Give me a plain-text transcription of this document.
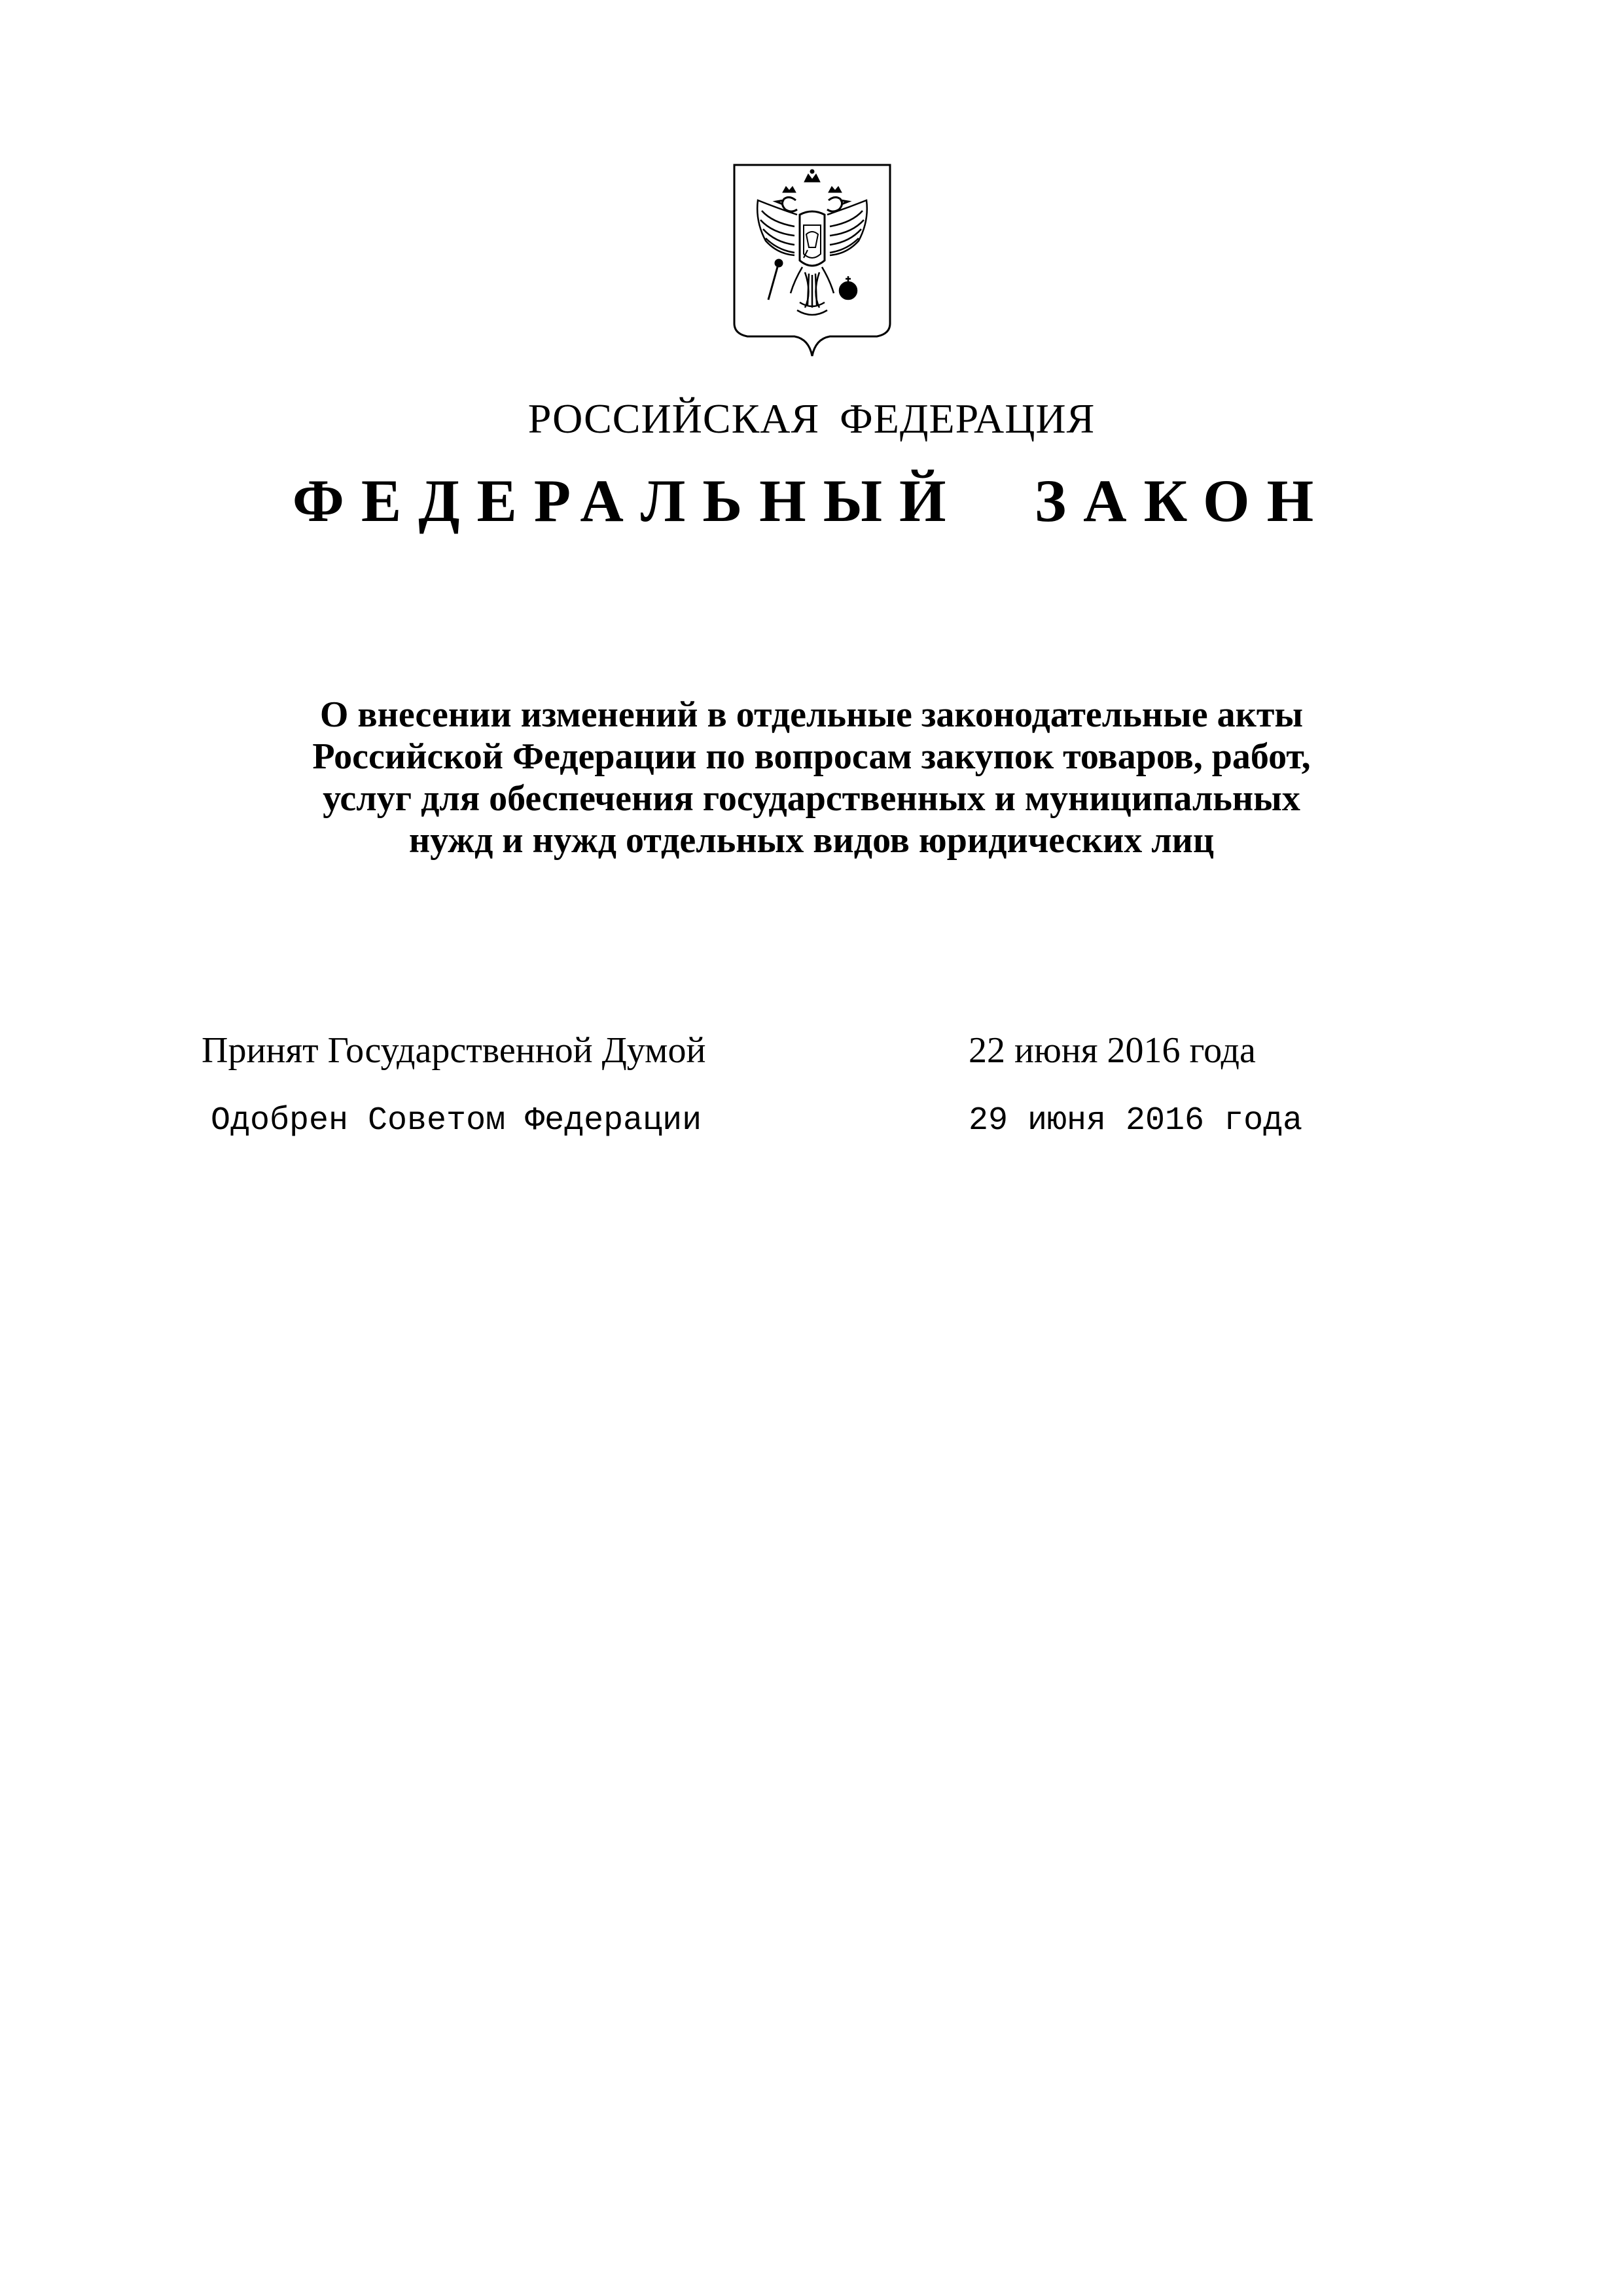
РОССИЙСКАЯ ФЕДЕРАЦИЯ
ФЕДЕРАЛЬНЫЙ ЗАКОН
О внесении изменений в отдельные законодательные акты
Российской Федерации по вопросам закупок товаров, работ,
услуг для обеспечения государственных и муниципальных
нужд и нужд отдельных видов юридических лиц
Принят Государственной Думой	22 июня 2016 года
Одобрен Советом Федерации	29 июня 2016 года
